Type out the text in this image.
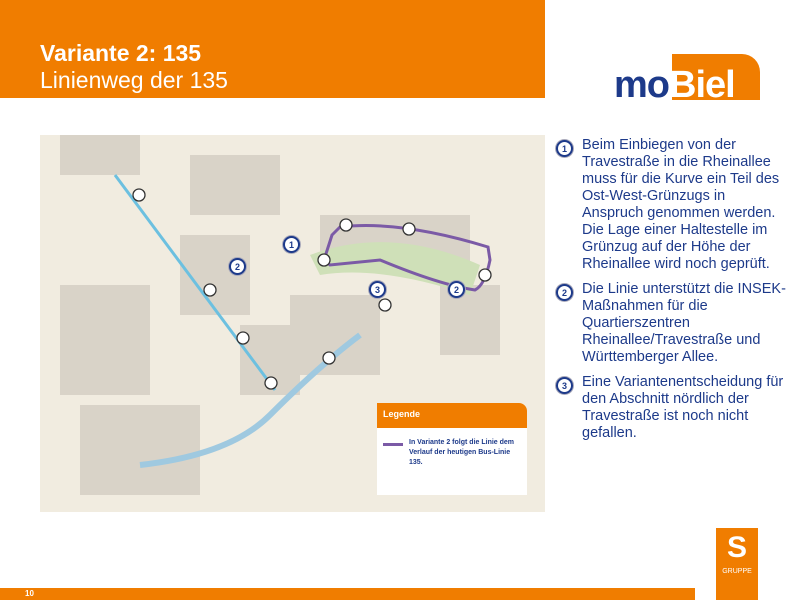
Variante 2: 135
Linienweg der 135	moBiel
1
2
3	2
Legende
In Variante 2 folgt die Linie dem Verlauf der heutigen Bus-Linie 135.
1	Beim Einbiegen von der Travestraße in die Rheinallee muss für die Kurve ein Teil des Ost-West-Grünzugs in Anspruch genommen werden. Die Lage einer Haltestelle im Grünzug auf der Höhe der Rheinallee wird noch geprüft.
2	Die Linie unterstützt die INSEK-Maßnahmen für die Quartierszentren Rheinallee/Travestraße und Württemberger Allee.
3	Eine Variantenentscheidung für den Abschnitt nördlich der Travestraße ist noch nicht gefallen.
10
S
GRUPPE
